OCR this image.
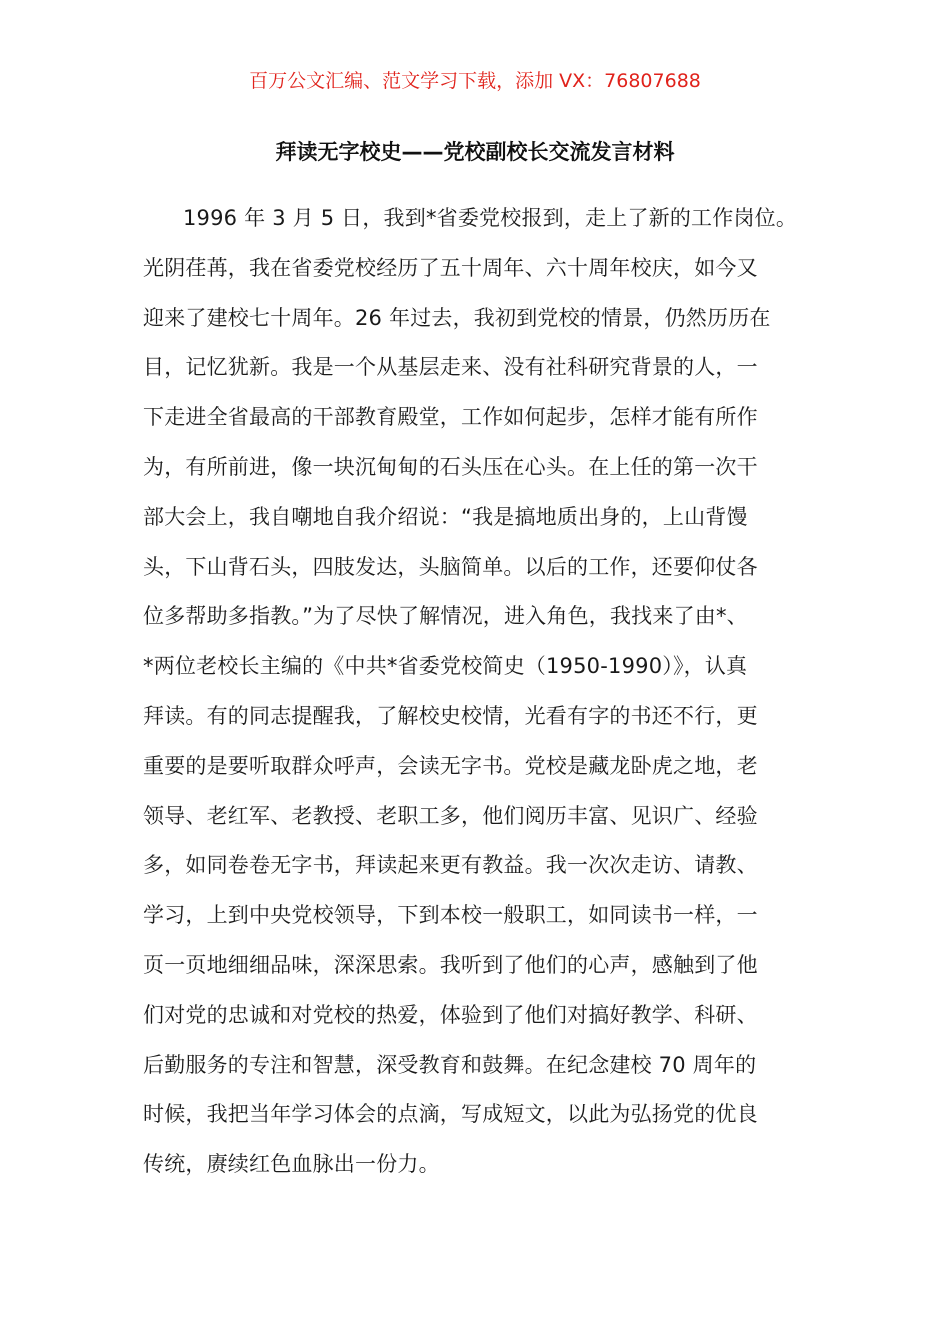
百万公文汇编、范文学习下载，添加 VX：76807688
拜读无字校史——党校副校长交流发言材料
1996 年 3 月 5 日，我到*省委党校报到，走上了新的工作岗位。
光阴荏苒，我在省委党校经历了五十周年、六十周年校庆，如今又
迎来了建校七十周年。26 年过去，我初到党校的情景，仍然历历在
目，记忆犹新。我是一个从基层走来、没有社科研究背景的人，一
下走进全省最高的干部教育殿堂，工作如何起步，怎样才能有所作
为，有所前进，像一块沉甸甸的石头压在心头。在上任的第一次干
部大会上，我自嘲地自我介绍说：“我是搞地质出身的，上山背馒
头，下山背石头，四肢发达，头脑简单。以后的工作，还要仰仗各
位多帮助多指教。”为了尽快了解情况，进入角色，我找来了由*、
*两位老校长主编的《中共*省委党校简史（1950-1990）》，认真
拜读。有的同志提醒我，了解校史校情，光看有字的书还不行，更
重要的是要听取群众呼声，会读无字书。党校是藏龙卧虎之地，老
领导、老红军、老教授、老职工多，他们阅历丰富、见识广、经验
多，如同卷卷无字书，拜读起来更有教益。我一次次走访、请教、
学习，上到中央党校领导，下到本校一般职工，如同读书一样，一
页一页地细细品味，深深思索。我听到了他们的心声，感触到了他
们对党的忠诚和对党校的热爱，体验到了他们对搞好教学、科研、
后勤服务的专注和智慧，深受教育和鼓舞。在纪念建校 70 周年的
时候，我把当年学习体会的点滴，写成短文，以此为弘扬党的优良
传统，赓续红色血脉出一份力。
